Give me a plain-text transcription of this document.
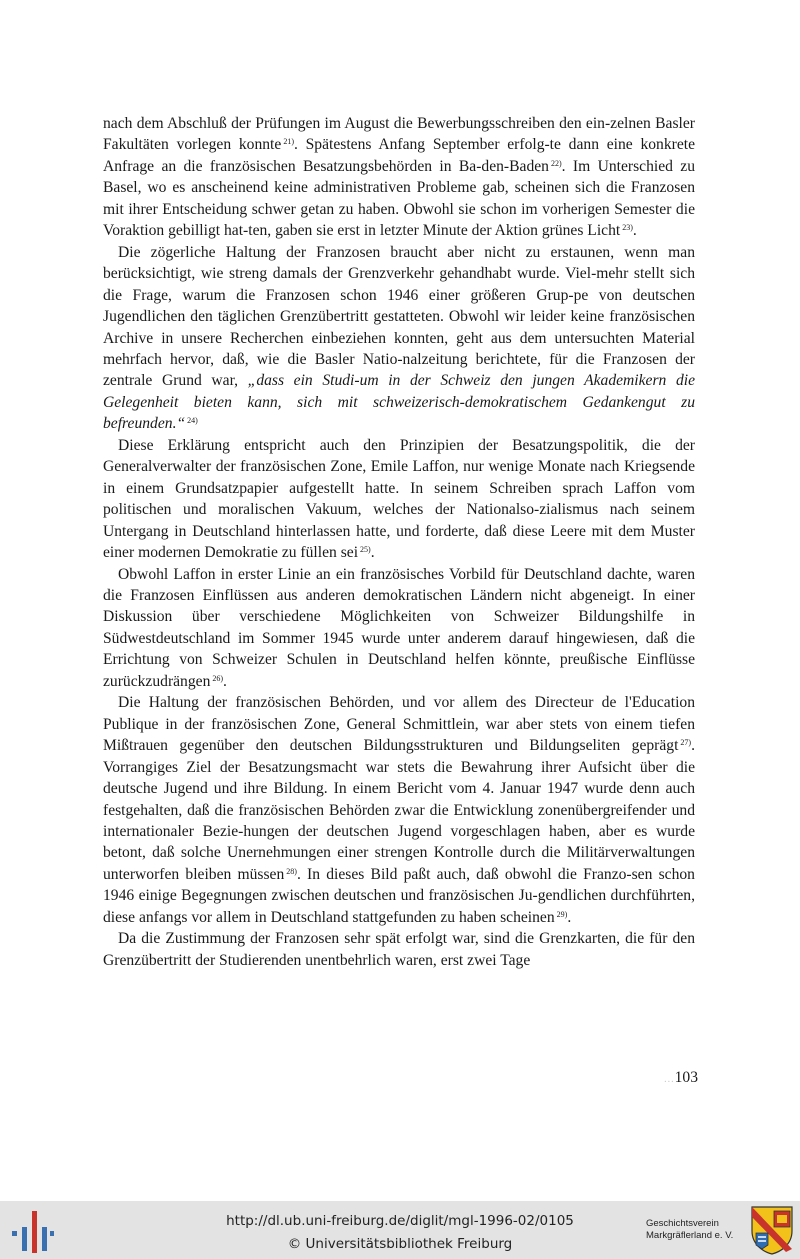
nach dem Abschluß der Prüfungen im August die Bewerbungsschreiben den ein-zelnen Basler Fakultäten vorlegen konnte $^{21)}$. Spätestens Anfang September erfolg-te dann eine konkrete Anfrage an die französischen Besatzungsbehörden in Ba-den-Baden $^{22)}$. Im Unterschied zu Basel, wo es anscheinend keine administrativen Probleme gab, scheinen sich die Franzosen mit ihrer Entscheidung schwer getan zu haben. Obwohl sie schon im vorherigen Semester die Voraktion gebilligt hat-ten, gaben sie erst in letzter Minute der Aktion grünes Licht $^{23)}$.

Die zögerliche Haltung der Franzosen braucht aber nicht zu erstaunen, wenn man berücksichtigt, wie streng damals der Grenzverkehr gehandhabt wurde. Viel-mehr stellt sich die Frage, warum die Franzosen schon 1946 einer größeren Grup-pe von deutschen Jugendlichen den täglichen Grenzübertritt gestatteten. Obwohl wir leider keine französischen Archive in unsere Recherchen einbeziehen konnten, geht aus dem untersuchten Material mehrfach hervor, daß, wie die Basler Natio-nalzeitung berichtete, für die Franzosen der zentrale Grund war, „dass ein Studi-um in der Schweiz den jungen Akademikern die Gelegenheit bieten kann, sich mit schweizerisch-demokratischem Gedankengut zu befreunden.“ $^{24)}$

Diese Erklärung entspricht auch den Prinzipien der Besatzungspolitik, die der Generalverwalter der französischen Zone, Emile Laffon, nur wenige Monate nach Kriegsende in einem Grundsatzpapier aufgestellt hatte. In seinem Schreiben sprach Laffon vom politischen und moralischen Vakuum, welches der Nationalso-zialismus nach seinem Untergang in Deutschland hinterlassen hatte, und forderte, daß diese Leere mit dem Muster einer modernen Demokratie zu füllen sei $^{25)}$.

Obwohl Laffon in erster Linie an ein französisches Vorbild für Deutschland dachte, waren die Franzosen Einflüssen aus anderen demokratischen Ländern nicht abgeneigt. In einer Diskussion über verschiedene Möglichkeiten von Schweizer Bildungshilfe in Südwestdeutschland im Sommer 1945 wurde unter anderem darauf hingewiesen, daß die Errichtung von Schweizer Schulen in Deutschland helfen könnte, preußische Einflüsse zurückzudrängen $^{26)}$.

Die Haltung der französischen Behörden, und vor allem des Directeur de l'Education Publique in der französischen Zone, General Schmittlein, war aber stets von einem tiefen Mißtrauen gegenüber den deutschen Bildungsstrukturen und Bildungseliten geprägt $^{27)}$. Vorrangiges Ziel der Besatzungsmacht war stets die Bewahrung ihrer Aufsicht über die deutsche Jugend und ihre Bildung. In einem Bericht vom 4. Januar 1947 wurde denn auch festgehalten, daß die französischen Behörden zwar die Entwicklung zonenübergreifender und internationaler Bezie-hungen der deutschen Jugend vorgeschlagen haben, aber es wurde betont, daß solche Unernehmungen einer strengen Kontrolle durch die Militärverwaltungen unterworfen bleiben müssen $^{28)}$. In dieses Bild paßt auch, daß obwohl die Franzo-sen schon 1946 einige Begegnungen zwischen deutschen und französischen Ju-gendlichen durchführten, diese anfangs vor allem in Deutschland stattgefunden zu haben scheinen $^{29)}$.

Da die Zustimmung der Franzosen sehr spät erfolgt war, sind die Grenzkarten, die für den Grenzübertritt der Studierenden unentbehrlich waren, erst zwei Tage

...103
http://dl.ub.uni-freiburg.de/diglit/mgl-1996-02/0105
© Universitätsbibliothek Freiburg
Geschichtsverein
Markgräflerland e. V.
